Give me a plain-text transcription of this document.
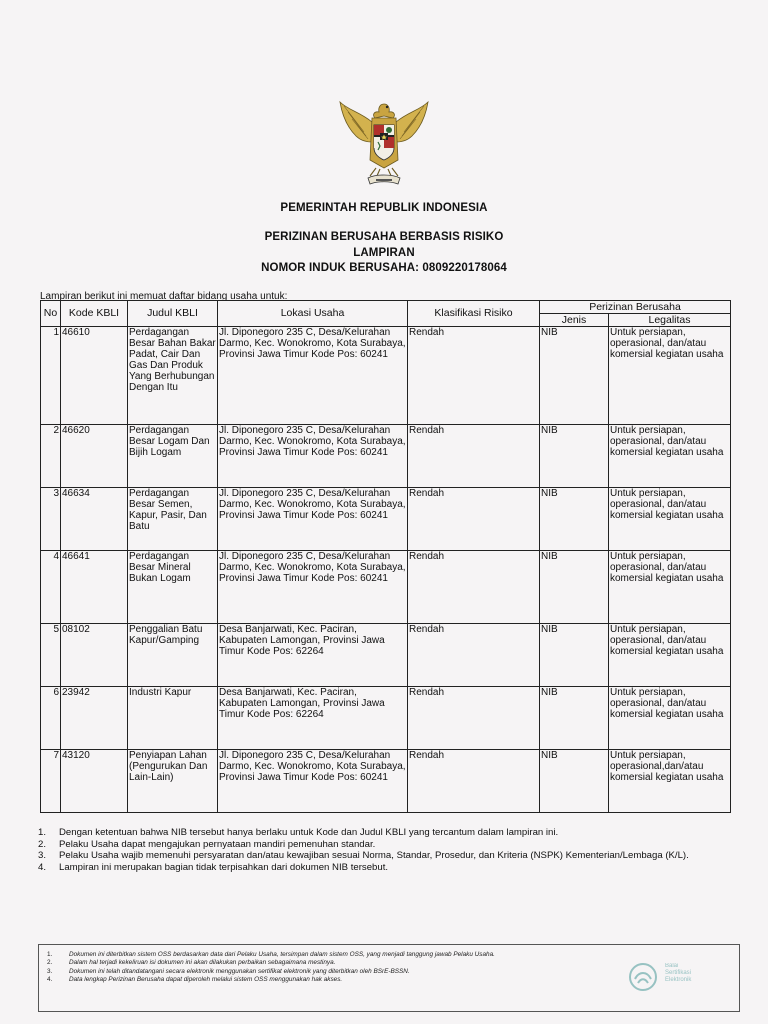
PEMERINTAH REPUBLIK INDONESIA
PERIZINAN BERUSAHA BERBASIS RISIKO
LAMPIRAN
NOMOR INDUK BERUSAHA: 0809220178064
Lampiran berikut ini memuat daftar bidang usaha untuk:
No	Kode KBLI	Judul KBLI	Lokasi Usaha	Klasifikasi Risiko	Perizinan Berusaha	
					Jenis	Legalitas
1	46610	Perdagangan Besar Bahan Bakar Padat, Cair Dan Gas Dan Produk Yang Berhubungan Dengan Itu	Jl. Diponegoro 235 C, Desa/Kelurahan Darmo, Kec. Wonokromo, Kota Surabaya, Provinsi Jawa Timur Kode Pos: 60241	Rendah	NIB	Untuk persiapan, operasional, dan/atau komersial kegiatan usaha
2	46620	Perdagangan Besar Logam Dan Bijih Logam	Jl. Diponegoro 235 C, Desa/Kelurahan Darmo, Kec. Wonokromo, Kota Surabaya, Provinsi Jawa Timur Kode Pos: 60241	Rendah	NIB	Untuk persiapan, operasional, dan/atau komersial kegiatan usaha
3	46634	Perdagangan Besar Semen, Kapur, Pasir, Dan Batu	Jl. Diponegoro 235 C, Desa/Kelurahan Darmo, Kec. Wonokromo, Kota Surabaya, Provinsi Jawa Timur Kode Pos: 60241	Rendah	NIB	Untuk persiapan, operasional, dan/atau komersial kegiatan usaha
4	46641	Perdagangan Besar Mineral Bukan Logam	Jl. Diponegoro 235 C, Desa/Kelurahan Darmo, Kec. Wonokromo, Kota Surabaya, Provinsi Jawa Timur Kode Pos: 60241	Rendah	NIB	Untuk persiapan, operasional, dan/atau komersial kegiatan usaha
5	08102	Penggalian Batu Kapur/Gamping	Desa Banjarwati, Kec. Paciran, Kabupaten Lamongan, Provinsi Jawa Timur Kode Pos: 62264	Rendah	NIB	Untuk persiapan, operasional, dan/atau komersial kegiatan usaha
6	23942	Industri Kapur	Desa Banjarwati, Kec. Paciran, Kabupaten Lamongan, Provinsi Jawa Timur Kode Pos: 62264	Rendah	NIB	Untuk persiapan, operasional, dan/atau komersial kegiatan usaha
7	43120	Penyiapan Lahan (Pengurukan Dan Lain-Lain)	Jl. Diponegoro 235 C, Desa/Kelurahan Darmo, Kec. Wonokromo, Kota Surabaya, Provinsi Jawa Timur Kode Pos: 60241	Rendah	NIB	Untuk persiapan, operasional,dan/atau komersial kegiatan usaha
1. Dengan ketentuan bahwa NIB tersebut hanya berlaku untuk Kode dan Judul KBLI yang tercantum dalam lampiran ini.
2. Pelaku Usaha dapat mengajukan pernyataan mandiri pemenuhan standar.
3. Pelaku Usaha wajib memenuhi persyaratan dan/atau kewajiban sesuai Norma, Standar, Prosedur, dan Kriteria (NSPK) Kementerian/Lembaga (K/L).
4. Lampiran ini merupakan bagian tidak terpisahkan dari dokumen NIB tersebut.
1.	Dokumen ini diterbitkan sistem OSS berdasarkan data dari Pelaku Usaha, tersimpan dalam sistem OSS, yang menjadi tanggung jawab Pelaku Usaha.
2.	Dalam hal terjadi kekeliruan isi dokumen ini akan dilakukan perbaikan sebagaimana mestinya.
3.	Dokumen ini telah ditandatangani secara elektronik menggunakan sertifikat elektronik yang diterbitkan oleh BSrE-BSSN.
4.	Data lengkap Perizinan Berusaha dapat diperoleh melalui sistem OSS menggunakan hak akses.
Balai
Sertifikasi
Elektronik
